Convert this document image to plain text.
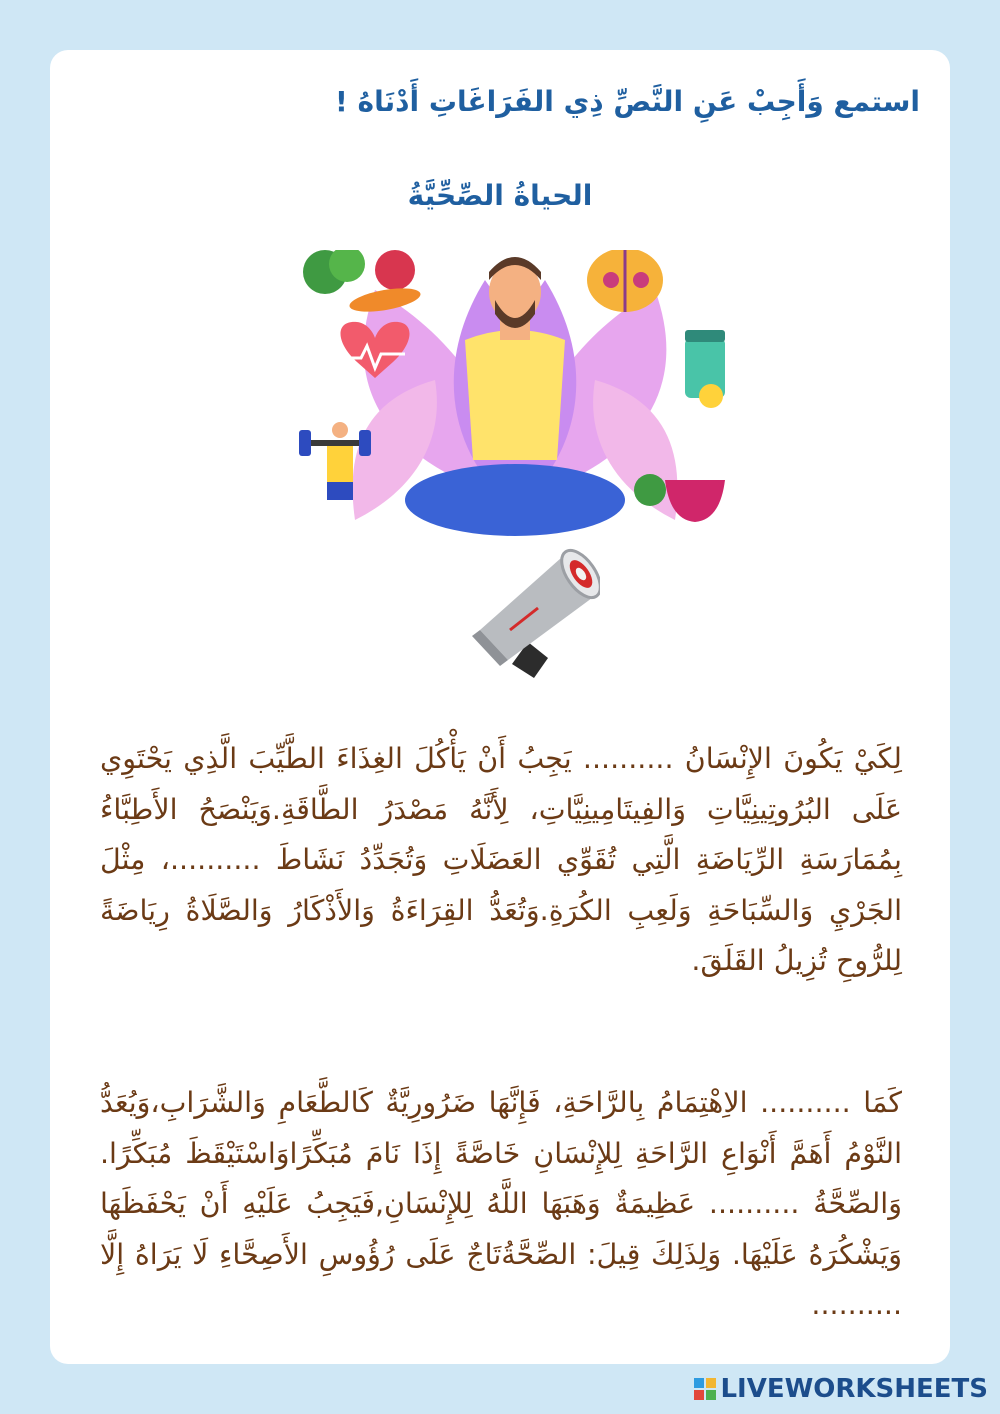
استمع وَأَجِبْ عَنِ النَّصِّ ذِي الفَرَاغَاتِ أَدْنَاهُ !
الحياةُ الصِّحِّيَّةُ
لِكَيْ يَكُونَ الإِنْسَانُ .......... يَجِبُ أَنْ يَأْكُلَ الغِذَاءَ الطَّيِّبَ الَّذِي يَحْتَوِي عَلَى البُرُوتِينِيَّاتِ وَالفِيتَامِينِيَّاتِ، لِأَنَّهُ مَصْدَرُ الطَّاقَةِ.وَيَنْصَحُ الأَطِبَّاءُ بِمُمَارَسَةِ الرِّيَاضَةِ الَّتِي تُقَوِّي العَضَلَاتِ وَتُجَدِّدُ نَشَاطَ ..........، مِثْلَ الجَرْيِ وَالسِّبَاحَةِ وَلَعِبِ الكُرَةِ.وَتُعَدُّ القِرَاءَةُ وَالأَذْكَارُ وَالصَّلَاةُ رِيَاضَةً لِلرُّوحِ تُزِيلُ القَلَقَ.
كَمَا .......... الاِهْتِمَامُ بِالرَّاحَةِ، فَإِنَّهَا ضَرُورِيَّةٌ كَالطَّعَامِ وَالشَّرَابِ،وَيُعَدُّ النَّوْمُ أَهَمَّ أَنْوَاعِ الرَّاحَةِ لِلإِنْسَانِ خَاصَّةً إِذَا نَامَ مُبَكِّرًاوَاسْتَيْقَظَ مُبَكِّرًا. وَالصِّحَّةُ .......... عَظِيمَةٌ وَهَبَهَا اللَّهُ لِلإِنْسَانِ,فَيَجِبُ عَلَيْهِ أَنْ يَحْفَظَهَا وَيَشْكُرَهُ عَلَيْهَا. وَلِذَلِكَ قِيلَ: الصِّحَّةُتَاجٌ عَلَى رُؤُوسِ الأَصِحَّاءِ لَا يَرَاهُ إِلَّا ..........
LIVEWORKSHEETS
